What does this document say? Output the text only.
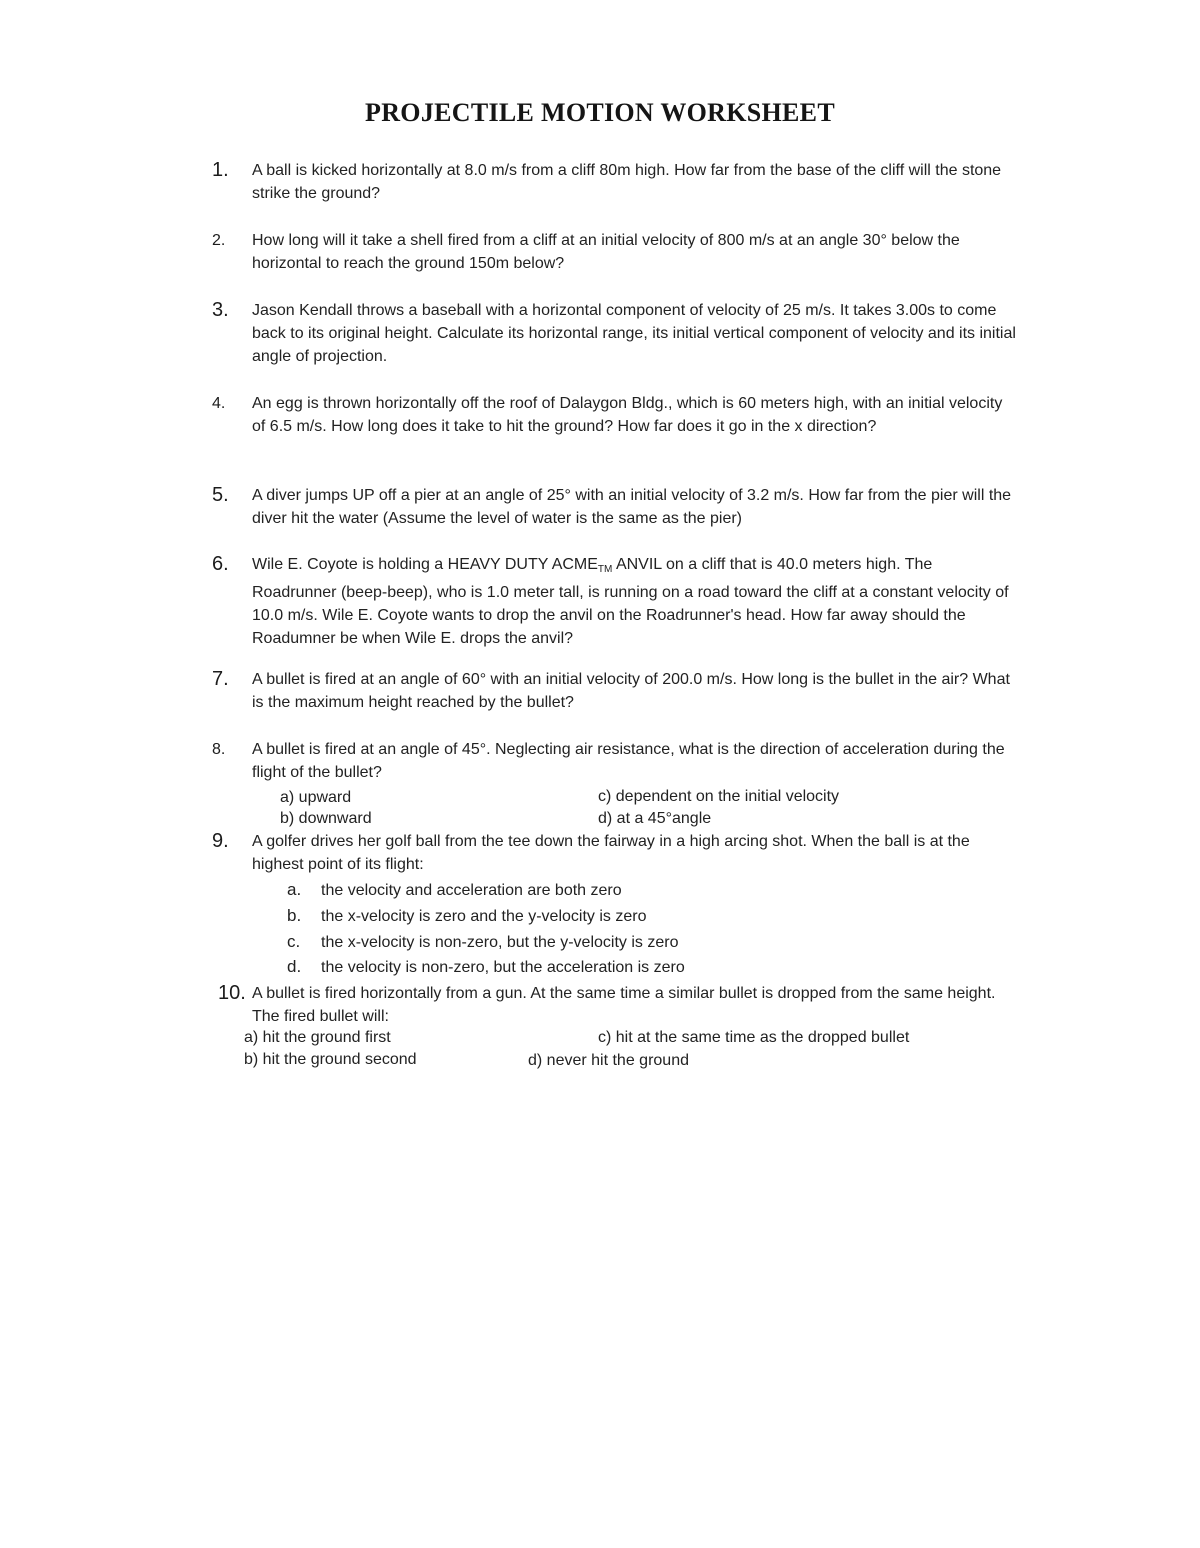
PROJECTILE MOTION WORKSHEET
1.	A ball is kicked horizontally at 8.0 m/s from a cliff 80m high. How far from the base of the cliff will the stone strike the ground?
2.	How long will it take a shell fired from a cliff at an initial velocity of 800 m/s at an angle 30° below the horizontal to reach the ground 150m below?
3.	Jason Kendall throws a baseball with a horizontal component of velocity of 25 m/s. It takes 3.00s to come back to its original height. Calculate its horizontal range, its initial vertical component of velocity and its initial angle of projection.
4.	An egg is thrown horizontally off the roof of Dalaygon Bldg., which is 60 meters high, with an initial velocity of 6.5 m/s. How long does it take to hit the ground? How far does it go in the x direction?
5.	A diver jumps UP off a pier at an angle of 25° with an initial velocity of 3.2 m/s. How far from the pier will the diver hit the water (Assume the level of water is the same as the pier)
6.	Wile E. Coyote is holding a HEAVY DUTY $ACME_{TM}$ ANVIL on a cliff that is 40.0 meters high. The Roadrunner (beep-beep), who is 1.0 meter tall, is running on a road toward the cliff at a constant velocity of 10.0 m/s. Wile E. Coyote wants to drop the anvil on the Roadrunner's head. How far away should the Roadumner be when Wile E. drops the anvil?
7.	A bullet is fired at an angle of 60° with an initial velocity of 200.0 m/s. How long is the bullet in the air? What is the maximum height reached by the bullet?
8.	A bullet is fired at an angle of 45°. Neglecting air resistance, what is the direction of acceleration during the flight of the bullet?
a) upward
b) downward
c) dependent on the initial velocity
d) at a 45°angle
9.	A golfer drives her golf ball from the tee down the fairway in a high arcing shot. When the ball is at the highest point of its flight:
a. the velocity and acceleration are both zero
b. the x-velocity is zero and the y-velocity is zero
c. the x-velocity is non-zero, but the y-velocity is zero
d. the velocity is non-zero, but the acceleration is zero
10. A bullet is fired horizontally from a gun. At the same time a similar bullet is dropped from the same height. The fired bullet will:
a) hit the ground first
b) hit the ground second
c) hit at the same time as the dropped bullet
d) never hit the ground
